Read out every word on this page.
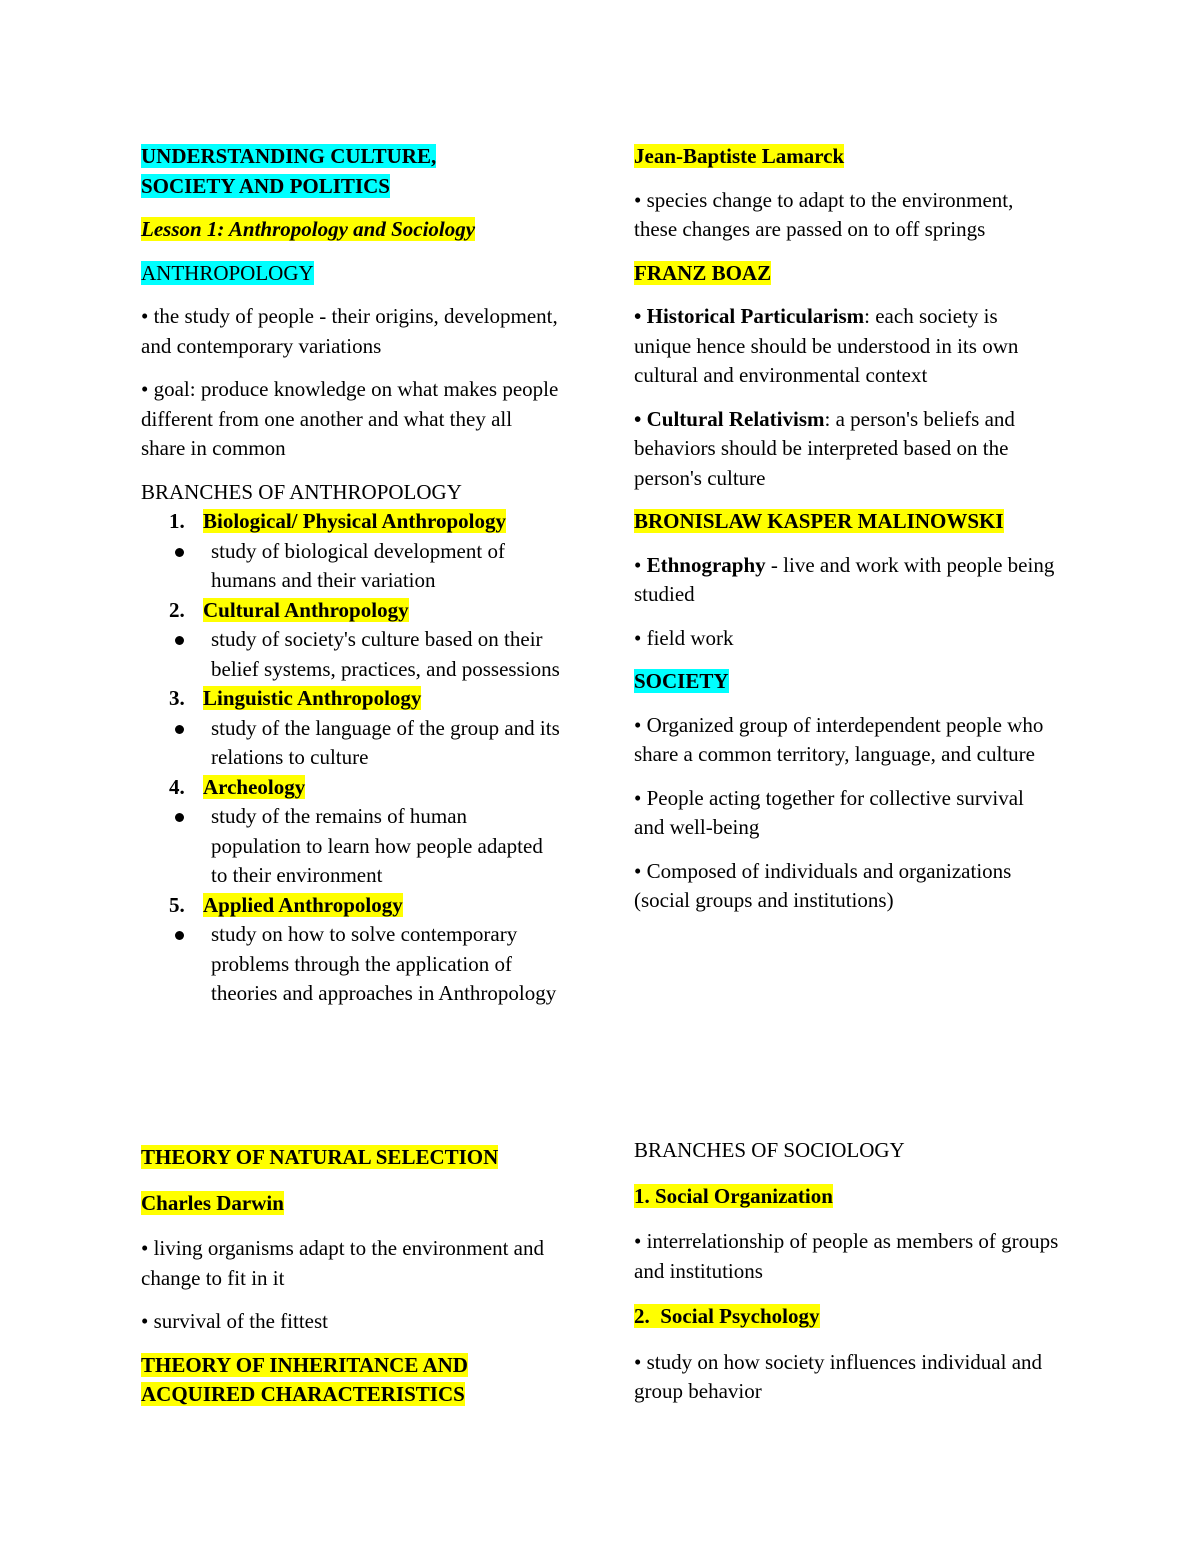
UNDERSTANDING CULTURE,
SOCIETY AND POLITICS

Lesson 1: Anthropology and Sociology

ANTHROPOLOGY

• the study of people - their origins, development, and contemporary variations

• goal: produce knowledge on what makes people different from one another and what they all share in common

BRANCHES OF ANTHROPOLOGY

1. Biological/ Physical Anthropology

study of biological development of humans and their variation

2. Cultural Anthropology

study of society's culture based on their belief systems, practices, and possessions

3. Linguistic Anthropology

study of the language of the group and its relations to culture

4. Archeology

study of the remains of human population to learn how people adapted to their environment

5. Applied Anthropology

study on how to solve contemporary problems through the application of theories and approaches in Anthropology

THEORY OF NATURAL SELECTION

Charles Darwin

• living organisms adapt to the environment and change to fit in it

• survival of the fittest

THEORY OF INHERITANCE AND
ACQUIRED CHARACTERISTICS

Jean-Baptiste Lamarck

• species change to adapt to the environment, these changes are passed on to off springs

FRANZ BOAZ

• Historical Particularism: each society is unique hence should be understood in its own cultural and environmental context

• Cultural Relativism: a person's beliefs and behaviors should be interpreted based on the person's culture

BRONISLAW KASPER MALINOWSKI

• Ethnography - live and work with people being studied

• field work

SOCIETY

• Organized group of interdependent people who share a common territory, language, and culture

• People acting together for collective survival and well-being

• Composed of individuals and organizations (social groups and institutions)

BRANCHES OF SOCIOLOGY

1. Social Organization

• interrelationship of people as members of groups and institutions

2.  Social Psychology

• study on how society influences individual and group behavior
